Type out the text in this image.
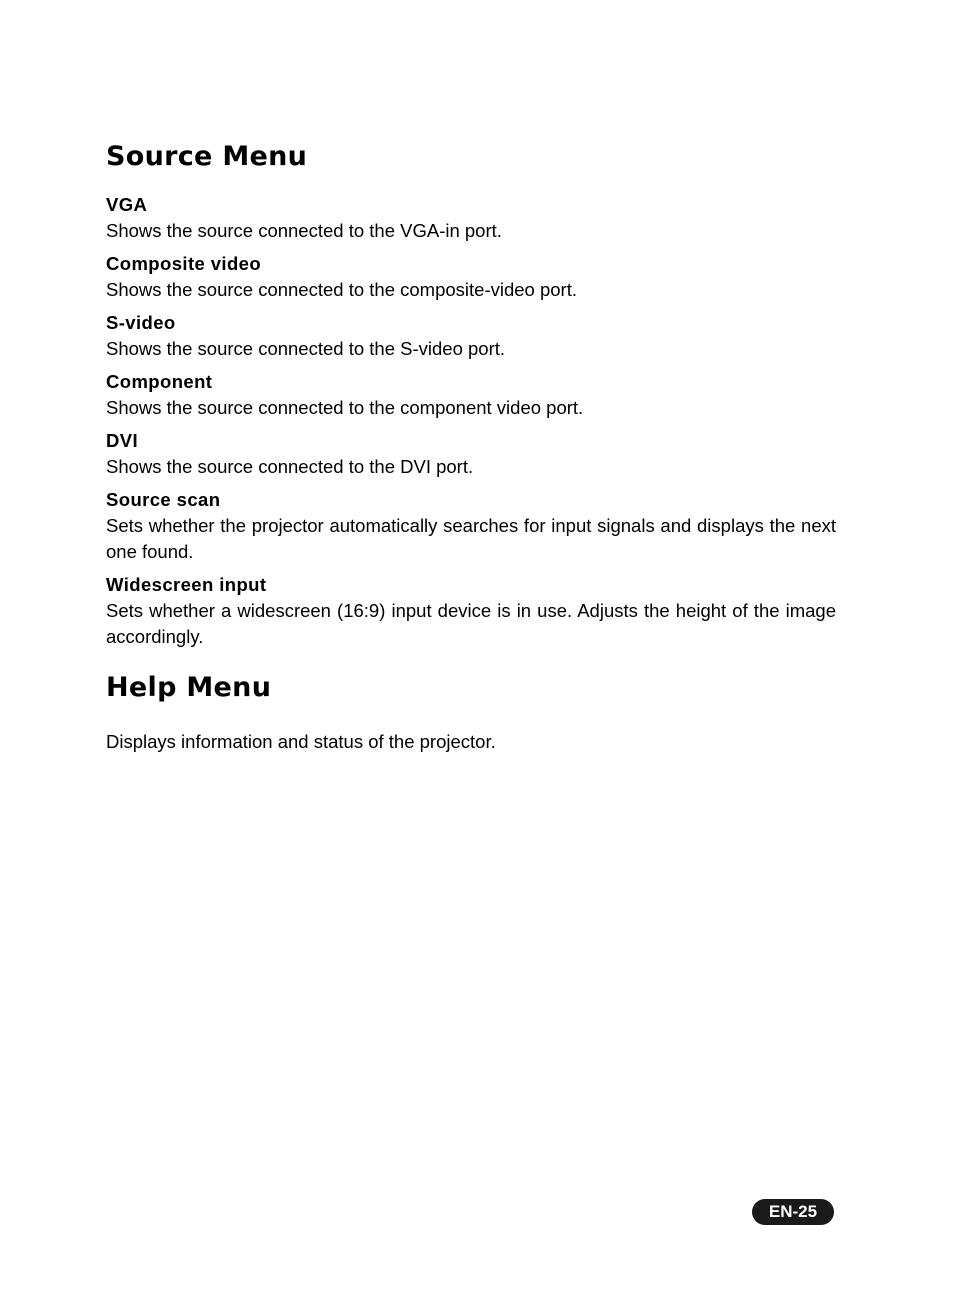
Source Menu
VGA
Shows the source connected to the VGA-in port.
Composite video
Shows the source connected to the composite-video port.
S-video
Shows the source connected to the S-video port.
Component
Shows the source connected to the component video port.
DVI
Shows the source connected to the DVI port.
Source scan
Sets whether the projector automatically searches for input signals and displays the next one found.
Widescreen input
Sets whether a widescreen (16:9) input device is in use. Adjusts the height of the image accordingly.
Help Menu
Displays information and status of the projector.
EN-25
